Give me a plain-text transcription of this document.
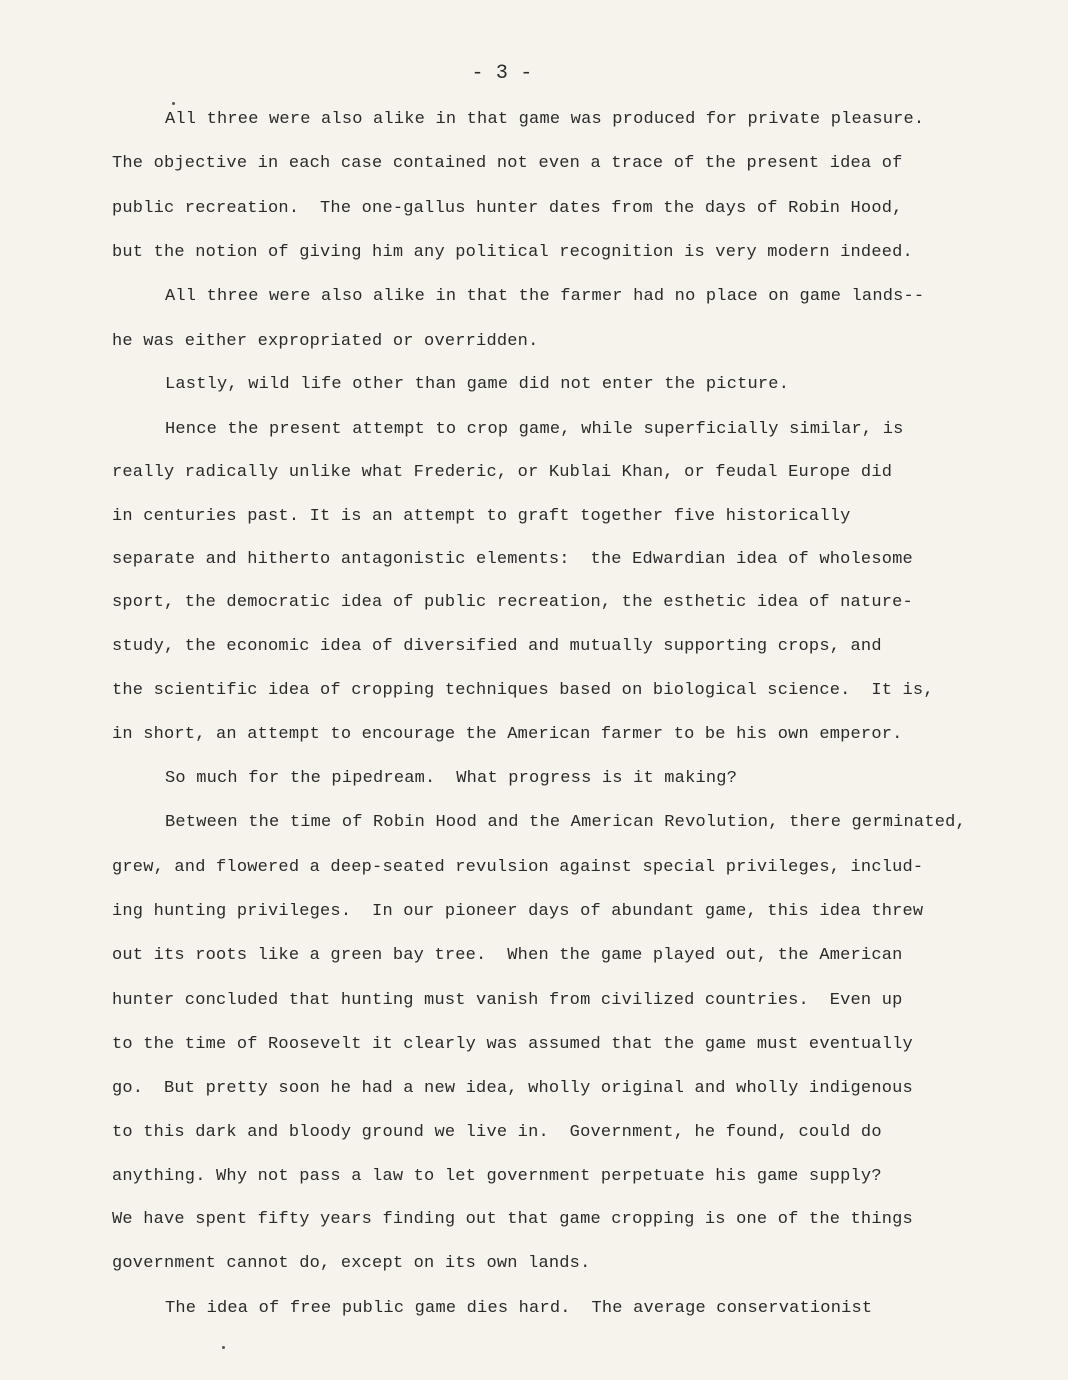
- 3 -
All three were also alike in that game was produced for private pleasure.
The objective in each case contained not even a trace of the present idea of
public recreation.  The one-gallus hunter dates from the days of Robin Hood,
but the notion of giving him any political recognition is very modern indeed.
All three were also alike in that the farmer had no place on game lands--
he was either expropriated or overridden.
Lastly, wild life other than game did not enter the picture.
Hence the present attempt to crop game, while superficially similar, is
really radically unlike what Frederic, or Kublai Khan, or feudal Europe did
in centuries past. It is an attempt to graft together five historically
separate and hitherto antagonistic elements:  the Edwardian idea of wholesome
sport, the democratic idea of public recreation, the esthetic idea of nature-
study, the economic idea of diversified and mutually supporting crops, and
the scientific idea of cropping techniques based on biological science.  It is,
in short, an attempt to encourage the American farmer to be his own emperor.
So much for the pipedream.  What progress is it making?
Between the time of Robin Hood and the American Revolution, there germinated,
grew, and flowered a deep-seated revulsion against special privileges, includ-
ing hunting privileges.  In our pioneer days of abundant game, this idea threw
out its roots like a green bay tree.  When the game played out, the American
hunter concluded that hunting must vanish from civilized countries.  Even up
to the time of Roosevelt it clearly was assumed that the game must eventually
go.  But pretty soon he had a new idea, wholly original and wholly indigenous
to this dark and bloody ground we live in.  Government, he found, could do
anything. Why not pass a law to let government perpetuate his game supply?
We have spent fifty years finding out that game cropping is one of the things
government cannot do, except on its own lands.
The idea of free public game dies hard.  The average conservationist
